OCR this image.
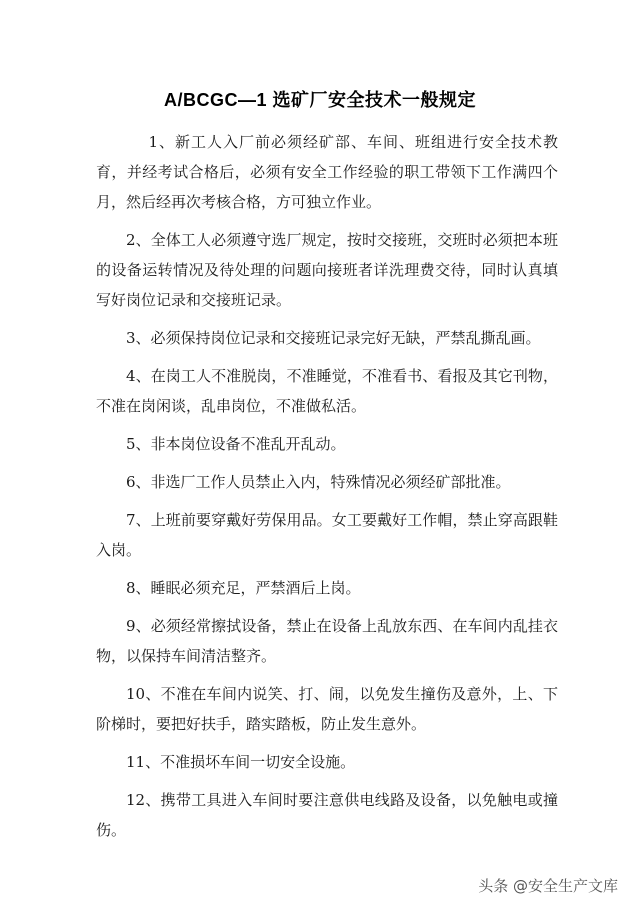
A/BCGC—1 选矿厂安全技术一般规定

1、新工人入厂前必须经矿部、车间、班组进行安全技术教育，并经考试合格后，必须有安全工作经验的职工带领下工作满四个月，然后经再次考核合格，方可独立作业。

2、全体工人必须遵守选厂规定，按时交接班，交班时必须把本班的设备运转情况及待处理的问题向接班者详洗理费交待，同时认真填写好岗位记录和交接班记录。

3、必须保持岗位记录和交接班记录完好无缺，严禁乱撕乱画。

4、在岗工人不准脱岗，不准睡觉，不准看书、看报及其它刊物，不准在岗闲谈，乱串岗位，不准做私活。

5、非本岗位设备不准乱开乱动。

6、非选厂工作人员禁止入内，特殊情况必须经矿部批准。

7、上班前要穿戴好劳保用品。女工要戴好工作帽，禁止穿高跟鞋入岗。

8、睡眠必须充足，严禁酒后上岗。

9、必须经常擦拭设备，禁止在设备上乱放东西、在车间内乱挂衣物，以保持车间清洁整齐。

10、不准在车间内说笑、打、闹，以免发生撞伤及意外，上、下阶梯时，要把好扶手，踏实踏板，防止发生意外。

11、不准损坏车间一切安全设施。

12、携带工具进入车间时要注意供电线路及设备，以免触电或撞伤。

头条 @安全生产文库
